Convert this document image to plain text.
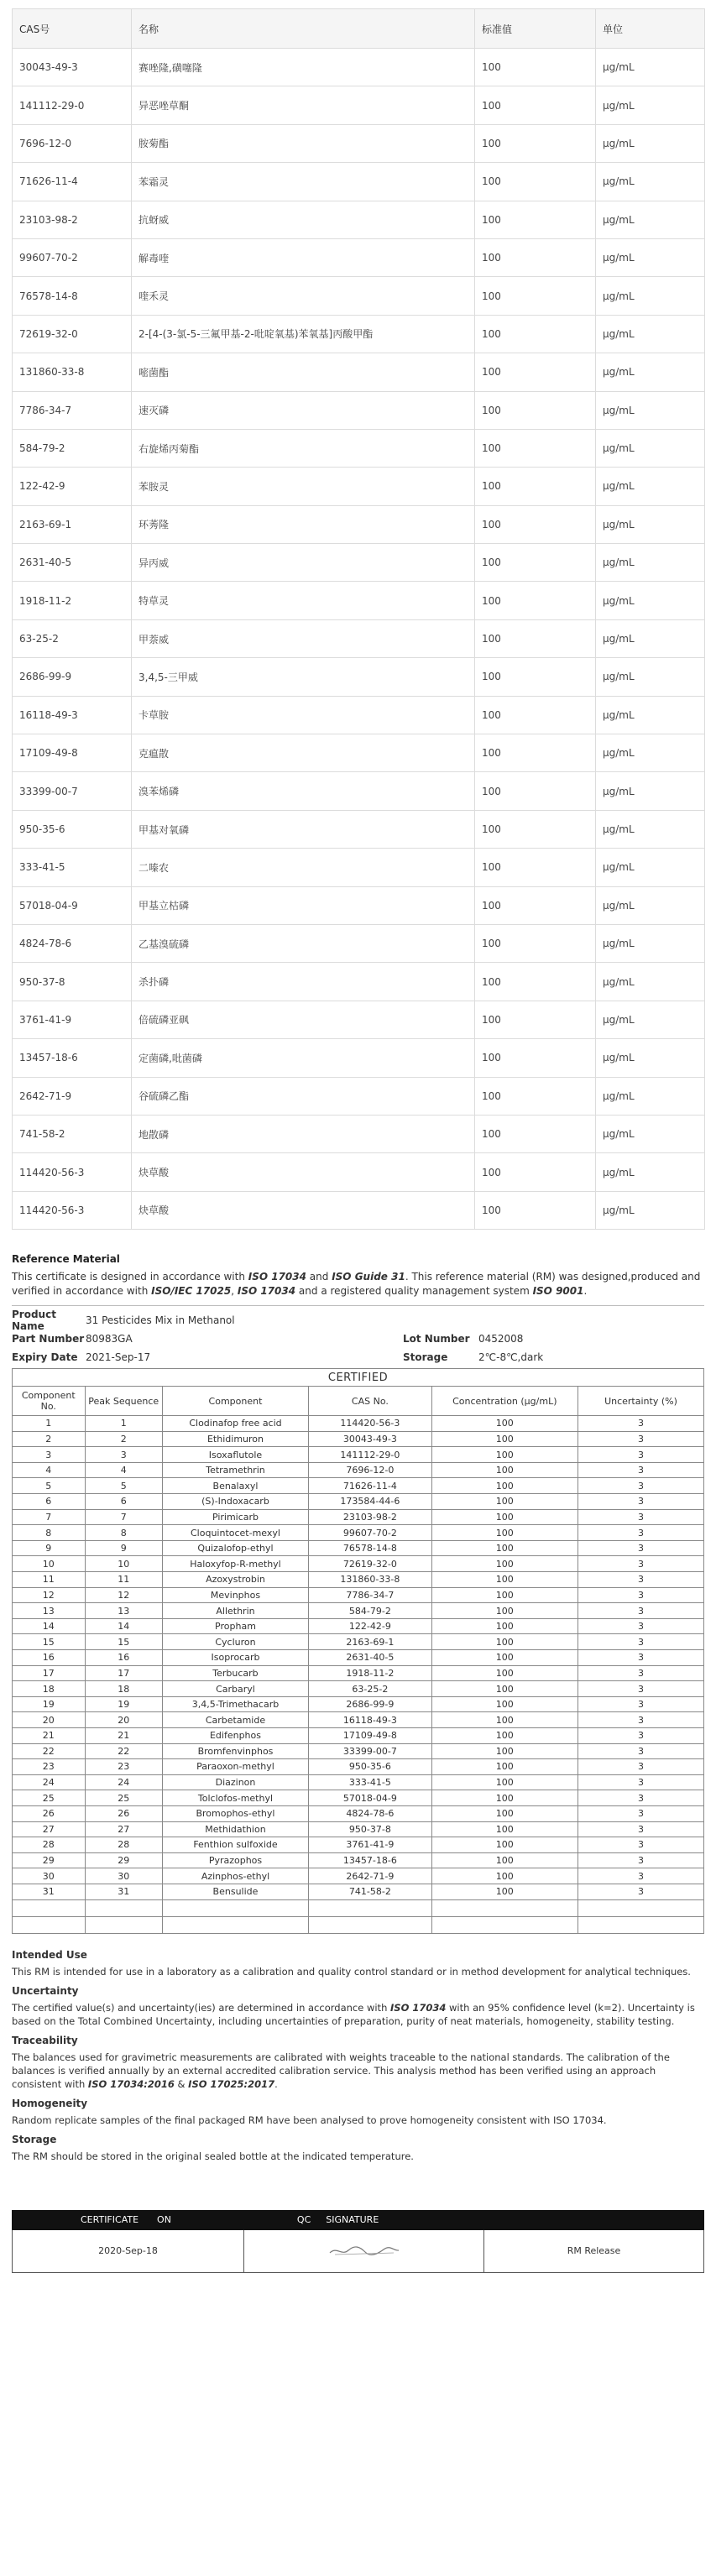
CAS号	名称	标准值	单位
30043-49-3	赛唑隆,磺噻隆	100	μg/mL
141112-29-0	异恶唑草酮	100	μg/mL
7696-12-0	胺菊酯	100	μg/mL
71626-11-4	苯霜灵	100	μg/mL
23103-98-2	抗蚜威	100	μg/mL
99607-70-2	解毒喹	100	μg/mL
76578-14-8	喹禾灵	100	μg/mL
72619-32-0	2-[4-(3-氯-5-三氟甲基-2-吡啶氧基)苯氧基]丙酸甲酯	100	μg/mL
131860-33-8	嘧菌酯	100	μg/mL
7786-34-7	速灭磷	100	μg/mL
584-79-2	右旋烯丙菊酯	100	μg/mL
122-42-9	苯胺灵	100	μg/mL
2163-69-1	环莠隆	100	μg/mL
2631-40-5	异丙威	100	μg/mL
1918-11-2	特草灵	100	μg/mL
63-25-2	甲萘威	100	μg/mL
2686-99-9	3,4,5-三甲威	100	μg/mL
16118-49-3	卡草胺	100	μg/mL
17109-49-8	克瘟散	100	μg/mL
33399-00-7	溴苯烯磷	100	μg/mL
950-35-6	甲基对氧磷	100	μg/mL
333-41-5	二嗪农	100	μg/mL
57018-04-9	甲基立枯磷	100	μg/mL
4824-78-6	乙基溴硫磷	100	μg/mL
950-37-8	杀扑磷	100	μg/mL
3761-41-9	倍硫磷亚砜	100	μg/mL
13457-18-6	定菌磷,吡菌磷	100	μg/mL
2642-71-9	谷硫磷乙酯	100	μg/mL
741-58-2	地散磷	100	μg/mL
114420-56-3	炔草酸	100	μg/mL
114420-56-3	炔草酸	100	μg/mL
Reference Material
This certificate is designed in accordance with ISO 17034 and ISO Guide 31. This reference material (RM) was designed,produced and verified in accordance with ISO/IEC 17025, ISO 17034 and a registered quality management system ISO 9001.
Product Name	31 Pesticides Mix in Methanol
Part Number 80983GA	Lot Number 0452008
Expiry Date 2021-Sep-17	Storage	2℃-8℃,dark
CERTIFIED					
Component No.	Peak Sequence	Component	CAS No.	Concentration (μg/mL)	Uncertainty (%)
1	1	Clodinafop free acid	114420-56-3	100	3
2	2	Ethidimuron	30043-49-3	100	3
3	3	Isoxaflutole	141112-29-0	100	3
4	4	Tetramethrin	7696-12-0	100	3
5	5	Benalaxyl	71626-11-4	100	3
6	6	(S)-Indoxacarb	173584-44-6	100	3
7	7	Pirimicarb	23103-98-2	100	3
8	8	Cloquintocet-mexyl	99607-70-2	100	3
9	9	Quizalofop-ethyl	76578-14-8	100	3
10	10	Haloxyfop-R-methyl	72619-32-0	100	3
11	11	Azoxystrobin	131860-33-8	100	3
12	12	Mevinphos	7786-34-7	100	3
13	13	Allethrin	584-79-2	100	3
14	14	Propham	122-42-9	100	3
15	15	Cycluron	2163-69-1	100	3
16	16	Isoprocarb	2631-40-5	100	3
17	17	Terbucarb	1918-11-2	100	3
18	18	Carbaryl	63-25-2	100	3
19	19	3,4,5-Trimethacarb	2686-99-9	100	3
20	20	Carbetamide	16118-49-3	100	3
21	21	Edifenphos	17109-49-8	100	3
22	22	Bromfenvinphos	33399-00-7	100	3
23	23	Paraoxon-methyl	950-35-6	100	3
24	24	Diazinon	333-41-5	100	3
25	25	Tolclofos-methyl	57018-04-9	100	3
26	26	Bromophos-ethyl	4824-78-6	100	3
27	27	Methidathion	950-37-8	100	3
28	28	Fenthion sulfoxide	3761-41-9	100	3
29	29	Pyrazophos	13457-18-6	100	3
30	30	Azinphos-ethyl	2642-71-9	100	3
31	31	Bensulide	741-58-2	100	3

Intended Use
This RM is intended for use in a laboratory as a calibration and quality control standard or in method development for analytical techniques.
Uncertainty
The certified value(s) and uncertainty(ies) are determined in accordance with ISO 17034 with an 95% confidence level (k=2). Uncertainty is based on the Total Combined Uncertainty, including uncertainties of preparation, purity of neat materials, homogeneity, stability testing.
Traceability
The balances used for gravimetric measurements are calibrated with weights traceable to the national standards. The calibration of the balances is verified annually by an external accredited calibration service. This analysis method has been verified using an approach consistent with ISO 17034:2016 & ISO 17025:2017.
Homogeneity
Random replicate samples of the final packaged RM have been analysed to prove homogeneity consistent with ISO 17034.
Storage
The RM should be stored in the original sealed bottle at the indicated temperature.
CERTIFICATE ON	QC SIGNATURE
2020-Sep-18	RM Release
